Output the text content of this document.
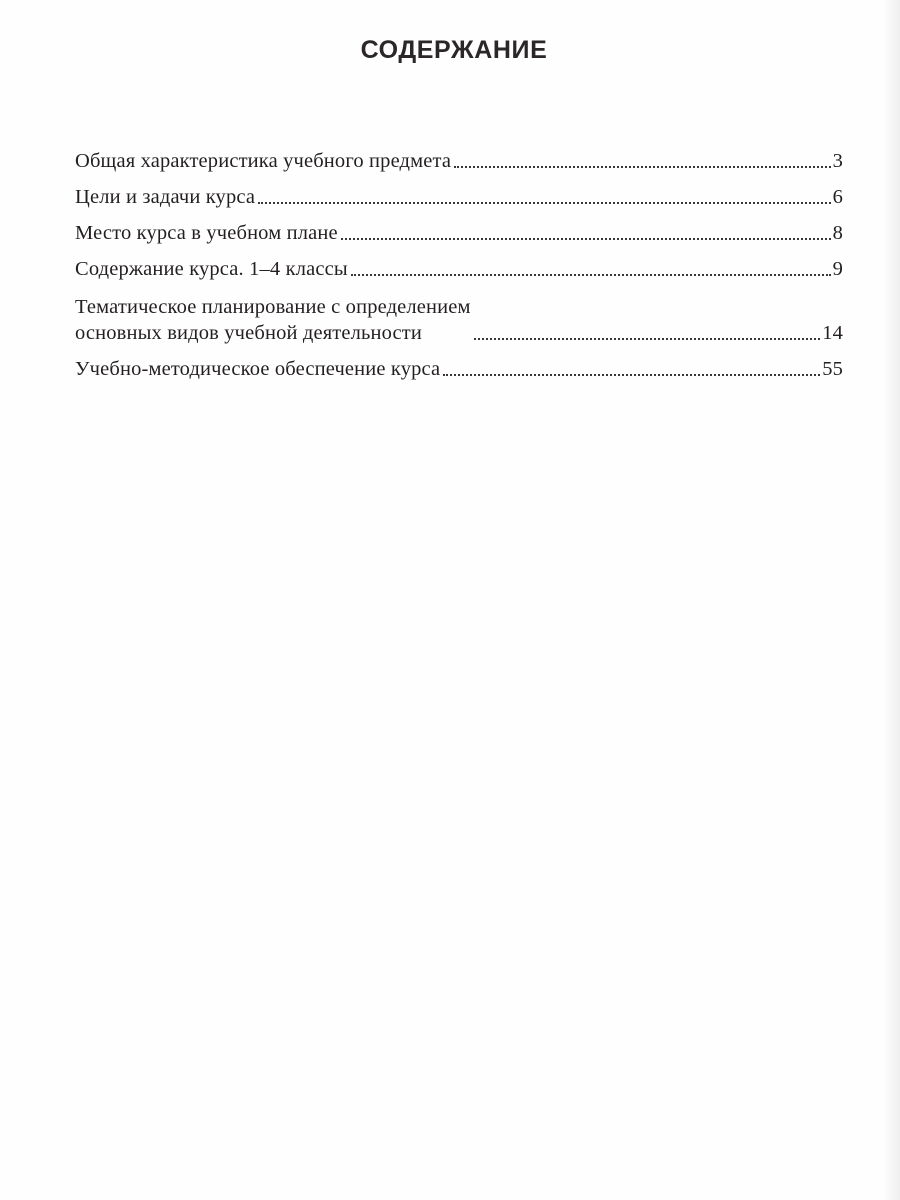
СОДЕРЖАНИЕ
Общая характеристика учебного предмета	3
Цели и задачи курса	6
Место курса в учебном плане	8
Содержание курса. 1–4 классы	9
Тематическое планирование с определением
основных видов учебной деятельности	14
Учебно-методическое обеспечение курса	55
